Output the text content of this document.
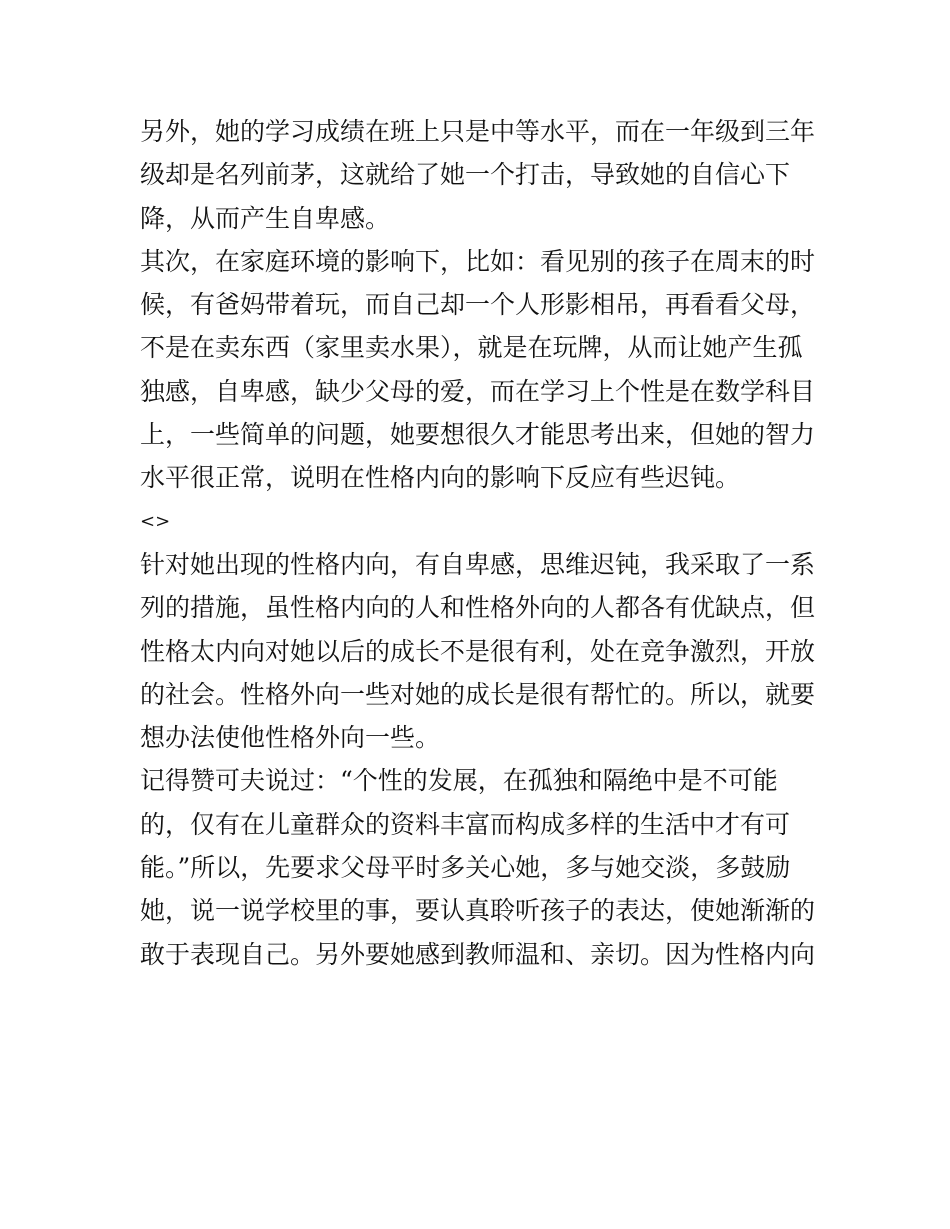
另外，她的学习成绩在班上只是中等水平，而在一年级到三年
级却是名列前茅，这就给了她一个打击，导致她的自信心下
降，从而产生自卑感。
其次，在家庭环境的影响下，比如：看见别的孩子在周末的时
候，有爸妈带着玩，而自己却一个人形影相吊，再看看父母，
不是在卖东西（家里卖水果），就是在玩牌，从而让她产生孤
独感，自卑感，缺少父母的爱，而在学习上个性是在数学科目
上，一些简单的问题，她要想很久才能思考出来，但她的智力
水平很正常，说明在性格内向的影响下反应有些迟钝。
<>
针对她出现的性格内向，有自卑感，思维迟钝，我采取了一系
列的措施，虽性格内向的人和性格外向的人都各有优缺点，但
性格太内向对她以后的成长不是很有利，处在竞争激烈，开放
的社会。性格外向一些对她的成长是很有帮忙的。所以，就要
想办法使他性格外向一些。
记得赞可夫说过：“个性的发展，在孤独和隔绝中是不可能
的，仅有在儿童群众的资料丰富而构成多样的生活中才有可
能。”所以，先要求父母平时多关心她，多与她交淡，多鼓励
她，说一说学校里的事，要认真聆听孩子的表达，使她渐渐的
敢于表现自己。另外要她感到教师温和、亲切。因为性格内向
